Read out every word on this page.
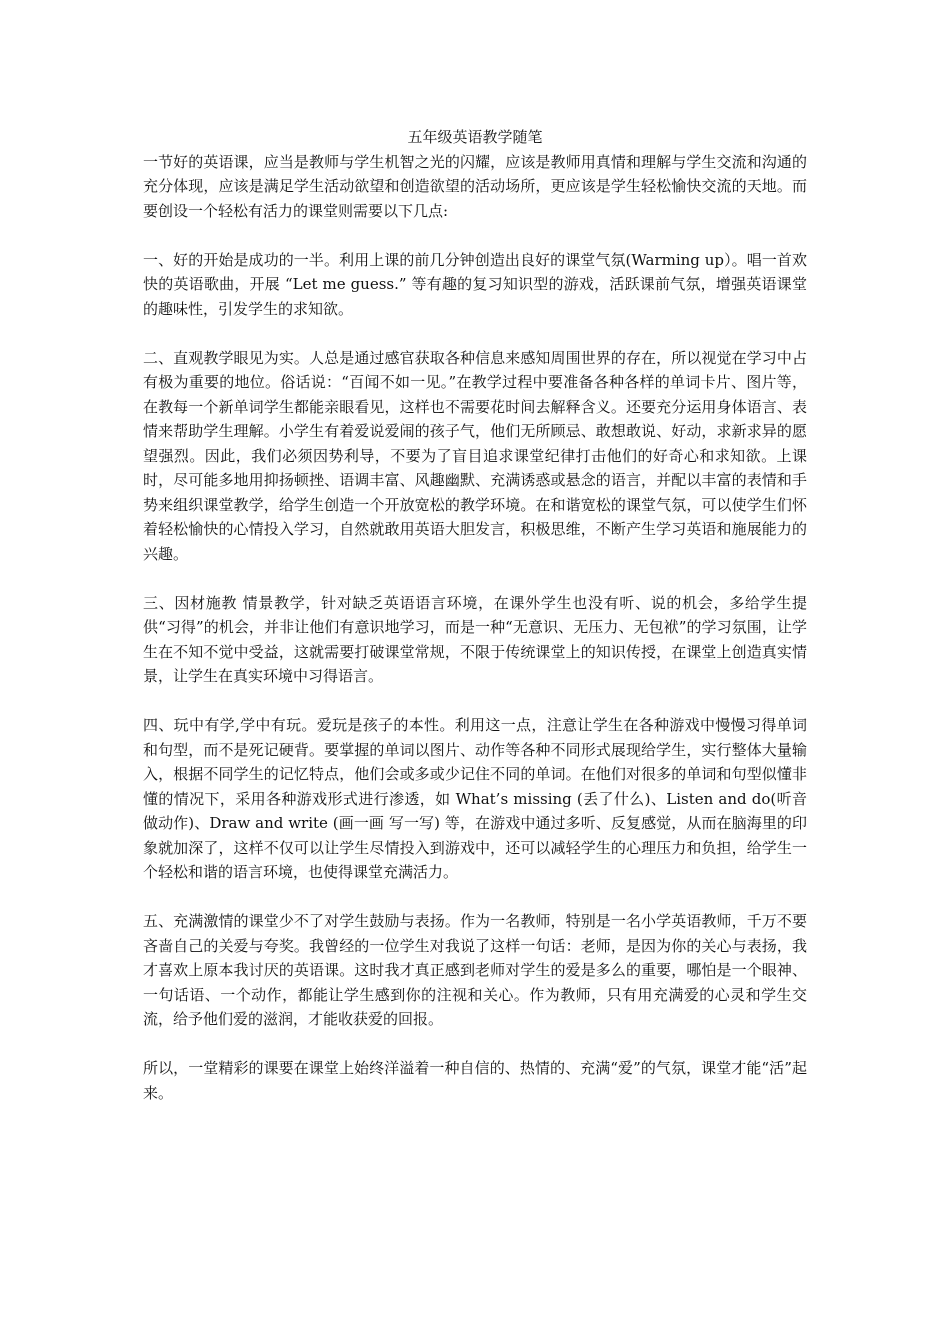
五年级英语教学随笔

一节好的英语课，应当是教师与学生机智之光的闪耀，应该是教师用真情和理解与学生交流和沟通的充分体现，应该是满足学生活动欲望和创造欲望的活动场所，更应该是学生轻松愉快交流的天地。而要创设一个轻松有活力的课堂则需要以下几点:

一、好的开始是成功的一半。利用上课的前几分钟创造出良好的课堂气氛(Warming up）。唱一首欢快的英语歌曲，开展 “Let me guess.” 等有趣的复习知识型的游戏，活跃课前气氛，增强英语课堂的趣味性，引发学生的求知欲。

二、直观教学眼见为实。人总是通过感官获取各种信息来感知周围世界的存在，所以视觉在学习中占有极为重要的地位。俗话说：“百闻不如一见。”在教学过程中要准备各种各样的单词卡片、图片等，在教每一个新单词学生都能亲眼看见，这样也不需要花时间去解释含义。还要充分运用身体语言、表情来帮助学生理解。小学生有着爱说爱闹的孩子气，他们无所顾忌、敢想敢说、好动，求新求异的愿望强烈。因此，我们必须因势利导，不要为了盲目追求课堂纪律打击他们的好奇心和求知欲。上课时，尽可能多地用抑扬顿挫、语调丰富、风趣幽默、充满诱惑或悬念的语言，并配以丰富的表情和手势来组织课堂教学，给学生创造一个开放宽松的教学环境。在和谐宽松的课堂气氛，可以使学生们怀着轻松愉快的心情投入学习，自然就敢用英语大胆发言，积极思维，不断产生学习英语和施展能力的兴趣。

三、因材施教 情景教学，针对缺乏英语语言环境，在课外学生也没有听、说的机会，多给学生提供“习得”的机会，并非让他们有意识地学习，而是一种“无意识、无压力、无包袱”的学习氛围，让学生在不知不觉中受益，这就需要打破课堂常规，不限于传统课堂上的知识传授，在课堂上创造真实情景，让学生在真实环境中习得语言。

四、玩中有学,学中有玩。爱玩是孩子的本性。利用这一点，注意让学生在各种游戏中慢慢习得单词和句型，而不是死记硬背。要掌握的单词以图片、动作等各种不同形式展现给学生，实行整体大量输入，根据不同学生的记忆特点，他们会或多或少记住不同的单词。在他们对很多的单词和句型似懂非懂的情况下，采用各种游戏形式进行渗透，如 What’s missing (丢了什么)、Listen and do(听音做动作)、Draw and write (画一画 写一写) 等，在游戏中通过多听、反复感觉，从而在脑海里的印象就加深了，这样不仅可以让学生尽情投入到游戏中，还可以减轻学生的心理压力和负担，给学生一个轻松和谐的语言环境，也使得课堂充满活力。

五、充满激情的课堂少不了对学生鼓励与表扬。作为一名教师，特别是一名小学英语教师，千万不要吝啬自己的关爱与夸奖。我曾经的一位学生对我说了这样一句话：老师，是因为你的关心与表扬，我才喜欢上原本我讨厌的英语课。这时我才真正感到老师对学生的爱是多么的重要，哪怕是一个眼神、一句话语、一个动作，都能让学生感到你的注视和关心。作为教师，只有用充满爱的心灵和学生交流，给予他们爱的滋润，才能收获爱的回报。

所以，一堂精彩的课要在课堂上始终洋溢着一种自信的、热情的、充满“爱”的气氛，课堂才能“活”起来。
